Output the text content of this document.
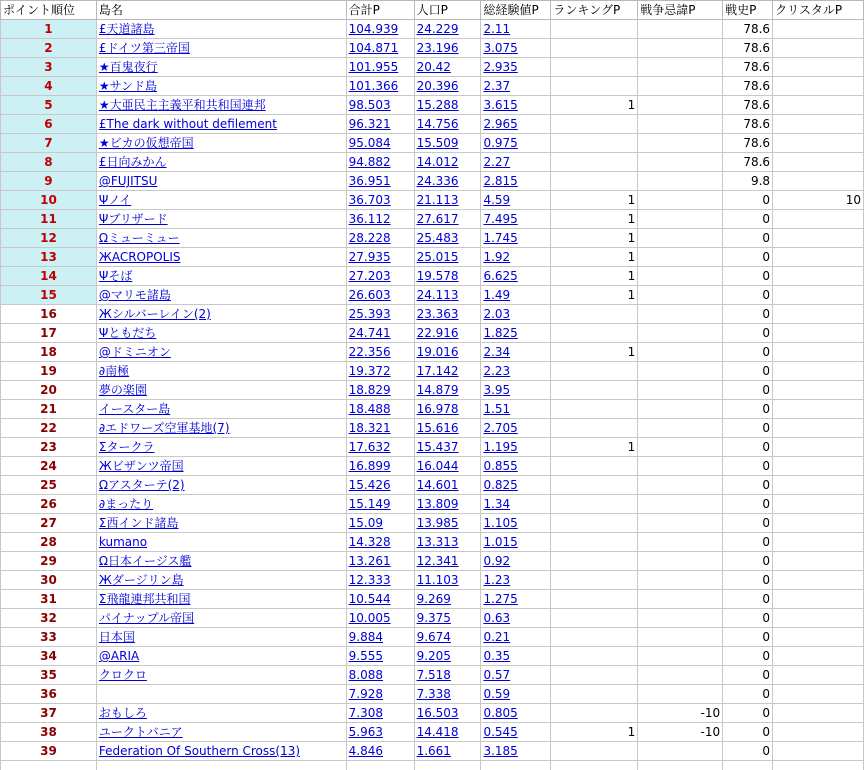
ポイント順位	島名	合計P	人口P	総経験値P	ランキングP	戦争忌諱P	戦史P	クリスタルP
1	£天道諸島	104.939	24.229	2.11			78.6	
2	£ドイツ第三帝国	104.871	23.196	3.075			78.6	
3	★百鬼夜行	101.955	20.42	2.935			78.6	
4	★サンド島	101.366	20.396	2.37			78.6	
5	★大亜民主主義平和共和国連邦	98.503	15.288	3.615	1		78.6	
6	£The dark without defilement	96.321	14.756	2.965			78.6	
7	★ビカの仮想帝国	95.084	15.509	0.975			78.6	
8	£日向みかん	94.882	14.012	2.27			78.6	
9	@FUJITSU	36.951	24.336	2.815			9.8	
10	Ψノイ	36.703	21.113	4.59	1		0	10
11	Ψブリザード	36.112	27.617	7.495	1		0	
12	Ωミューミュー	28.228	25.483	1.745	1		0	
13	ЖACROPOLIS	27.935	25.015	1.92	1		0	
14	Ψそば	27.203	19.578	6.625	1		0	
15	@マリモ諸島	26.603	24.113	1.49	1		0	
16	Жシルバーレイン(2)	25.393	23.363	2.03			0	
17	Ψともだち	24.741	22.916	1.825			0	
18	@ドミニオン	22.356	19.016	2.34	1		0	
19	∂南極	19.372	17.142	2.23			0	
20	夢の楽園	18.829	14.879	3.95			0	
21	イースター島	18.488	16.978	1.51			0	
22	∂エドワーズ空軍基地(7)	18.321	15.616	2.705			0	
23	Σタークラ	17.632	15.437	1.195	1		0	
24	Жビザンツ帝国	16.899	16.044	0.855			0	
25	Ωアスターテ(2)	15.426	14.601	0.825			0	
26	∂まったり	15.149	13.809	1.34			0	
27	Σ西インド諸島	15.09	13.985	1.105			0	
28	kumano	14.328	13.313	1.015			0	
29	Ω日本イージス艦	13.261	12.341	0.92			0	
30	Жダージリン島	12.333	11.103	1.23			0	
31	Σ飛龍連邦共和国	10.544	9.269	1.275			0	
32	パイナップル帝国	10.005	9.375	0.63			0	
33	日本国	9.884	9.674	0.21			0	
34	@ARIA	9.555	9.205	0.35			0	
35	クロクロ	8.088	7.518	0.57			0	
36		7.928	7.338	0.59			0	
37	おもしろ	7.308	16.503	0.805		-10	0	
38	ユークトバニア	5.963	14.418	0.545	1	-10	0	
39	Federation Of Southern Cross(13)	4.846	1.661	3.185			0	
